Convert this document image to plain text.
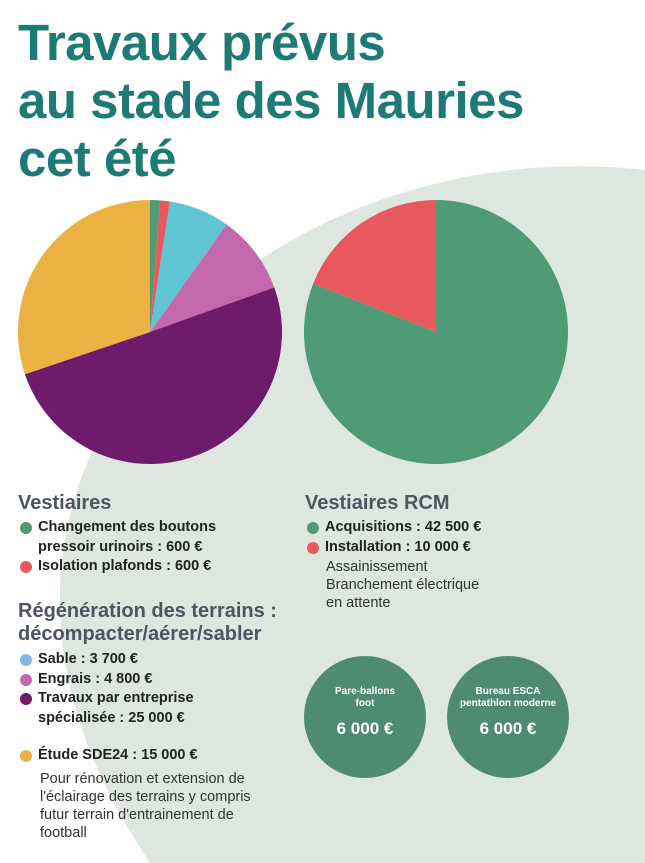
Travaux prévus
au stade des Mauries
cet été
Vestiaires
Changement des boutons
pressoir urinoirs : 600 €
Isolation plafonds : 600 €
Régénération des terrains :
décompacter/aérer/sabler
Sable : 3 700 €
Engrais : 4 800 €
Travaux par entreprise
spécialisée : 25 000 €
Étude SDE24 : 15 000 €
Pour rénovation et extension de
l'éclairage des terrains y compris
futur terrain d'entrainement de
football
Vestiaires RCM
Acquisitions : 42 500 €
Installation : 10 000 €
Assainissement
Branchement électrique
en attente
Pare-ballons
foot
6 000 €
Bureau ESCA
pentathlon moderne
6 000 €
